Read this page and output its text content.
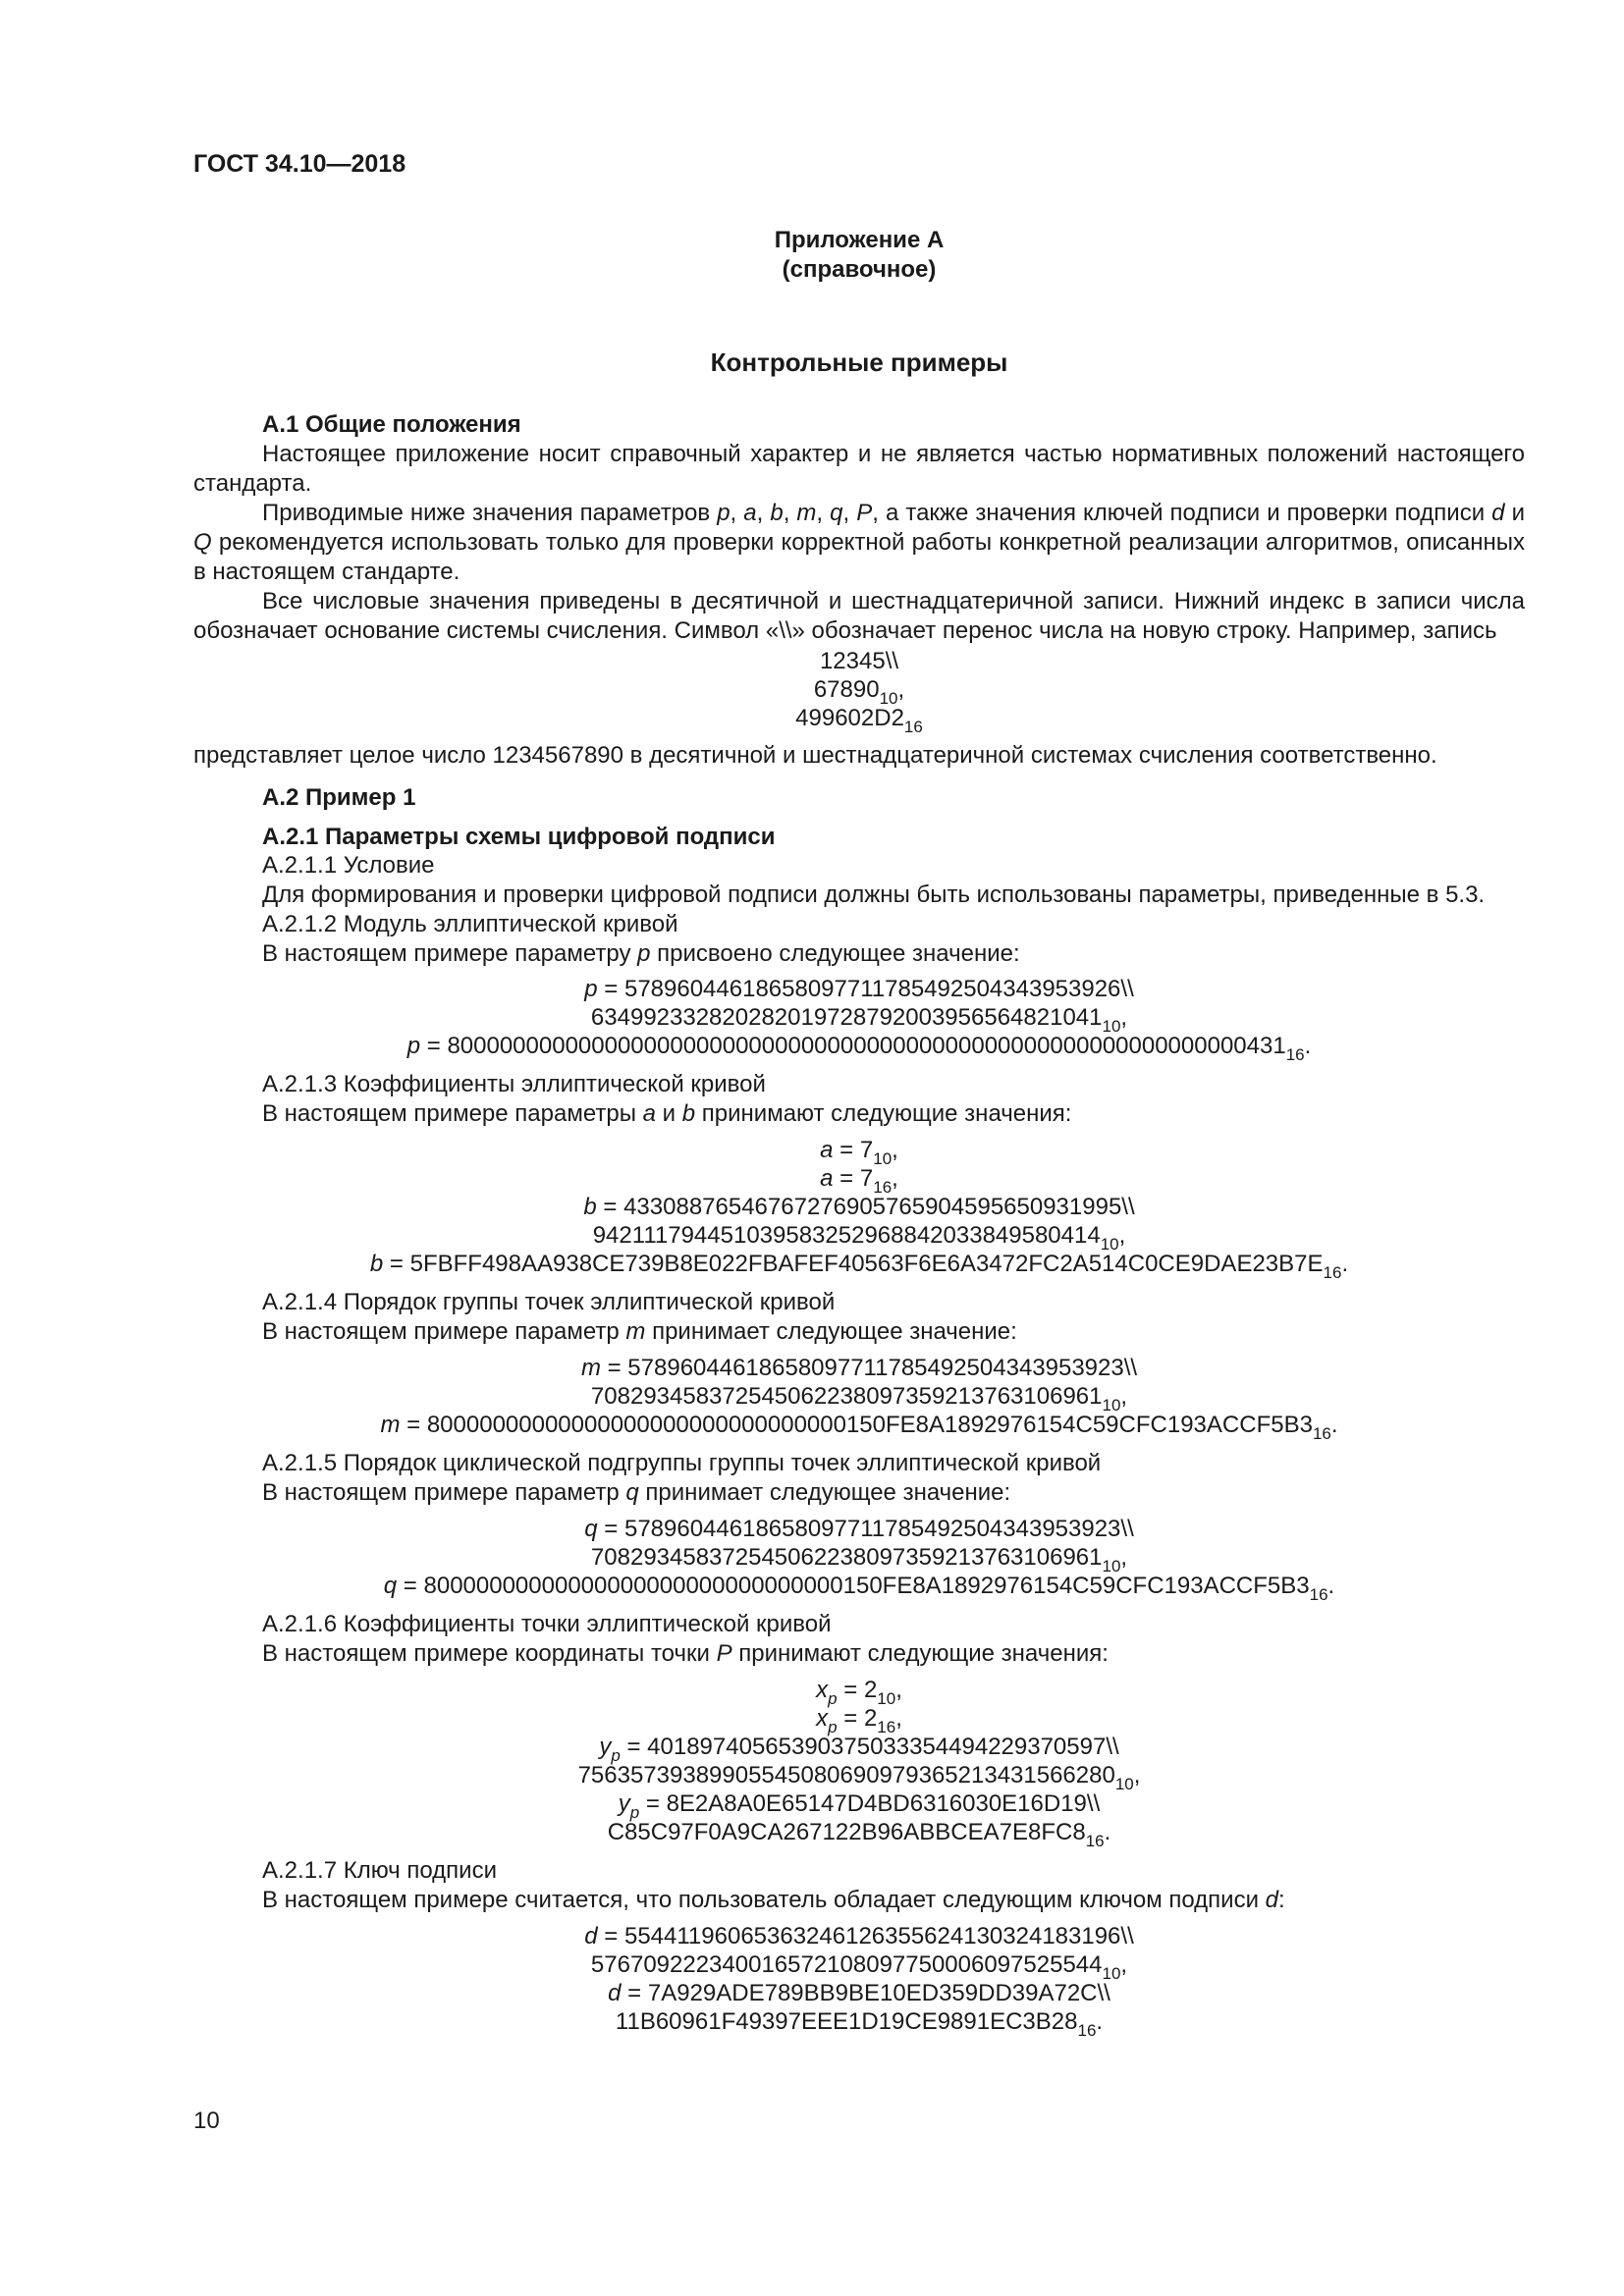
ГОСТ 34.10—2018
Приложение А
(справочное)
Контрольные примеры
А.1 Общие положения

Настоящее приложение носит справочный характер и не является частью нормативных положений настоящего стандарта.

Приводимые ниже значения параметров p, a, b, m, q, P, а также значения ключей подписи и проверки подписи d и Q рекомендуется использовать только для проверки корректной работы конкретной реализации алгоритмов, описанных в настоящем стандарте.

Все числовые значения приведены в десятичной и шестнадцатеричной записи. Нижний индекс в записи числа обозначает основание системы счисления. Символ «\\» обозначает перенос числа на новую строку. Например, запись

12345\\
$67890_{10}$,
$499602D2_{16}$

представляет целое число 1234567890 в десятичной и шестнадцатеричной системах счисления соответственно.

А.2 Пример 1
А.2.1 Параметры схемы цифровой подписи
А.2.1.1 Условие
Для формирования и проверки цифровой подписи должны быть использованы параметры, приведенные в 5.3.
А.2.1.2 Модуль эллиптической кривой
В настоящем примере параметру p присвоено следующее значение:
p = 57896044618658097711785492504343953926\\
$634992332820282019728792003956564821041_{10}$,
$p = 8000000000000000000000000000000000000000000000000000000000000431_{16}$.
А.2.1.3 Коэффициенты эллиптической кривой
В настоящем примере параметры a и b принимают следующие значения:
$a = 7_{10}$,
$a = 7_{16}$,
b = 43308876546767276905765904595650931995\\
$942111794451039583252968842033849580414_{10}$,
$b = 5FBFF498AA938CE739B8E022FBAFEF40563F6E6A3472FC2A514C0CE9DAE23B7E_{16}$.
А.2.1.4 Порядок группы точек эллиптической кривой
В настоящем примере параметр m принимает следующее значение:
m = 57896044618658097711785492504343953923\\
$708293458372545062238097359213763106961_{10}$,
$m = 80000000000000000000000000000000150FE8A1892976154C59CFC193ACCF5B3_{16}$.
А.2.1.5 Порядок циклической подгруппы группы точек эллиптической кривой
В настоящем примере параметр q принимает следующее значение:
q = 57896044618658097711785492504343953923\\
$708293458372545062238097359213763106961_{10}$,
$q = 80000000000000000000000000000000150FE8A1892976154C59CFC193ACCF5B3_{16}$.
А.2.1.6 Коэффициенты точки эллиптической кривой
В настоящем примере координаты точки P принимают следующие значения:
$x_p = 2_{10}$,
$x_p = 2_{16}$,
$y_p$ = 40189740565390375033354494229370597\\
$75635739389905545080690979365213431566280_{10}$,
$y_p$ = 8E2A8A0E65147D4BD6316030E16D19\\
$C85C97F0A9CA267122B96ABBCEA7E8FC8_{16}$.
А.2.1.7 Ключ подписи
В настоящем примере считается, что пользователь обладает следующим ключом подписи d:
d = 55441196065363246126355624130324183196\\
$576709222340016572108097750006097525544_{10}$,
d = 7A929ADE789BB9BE10ED359DD39A72C\\
$11B60961F49397EEE1D19CE9891EC3B28_{16}$.
10
